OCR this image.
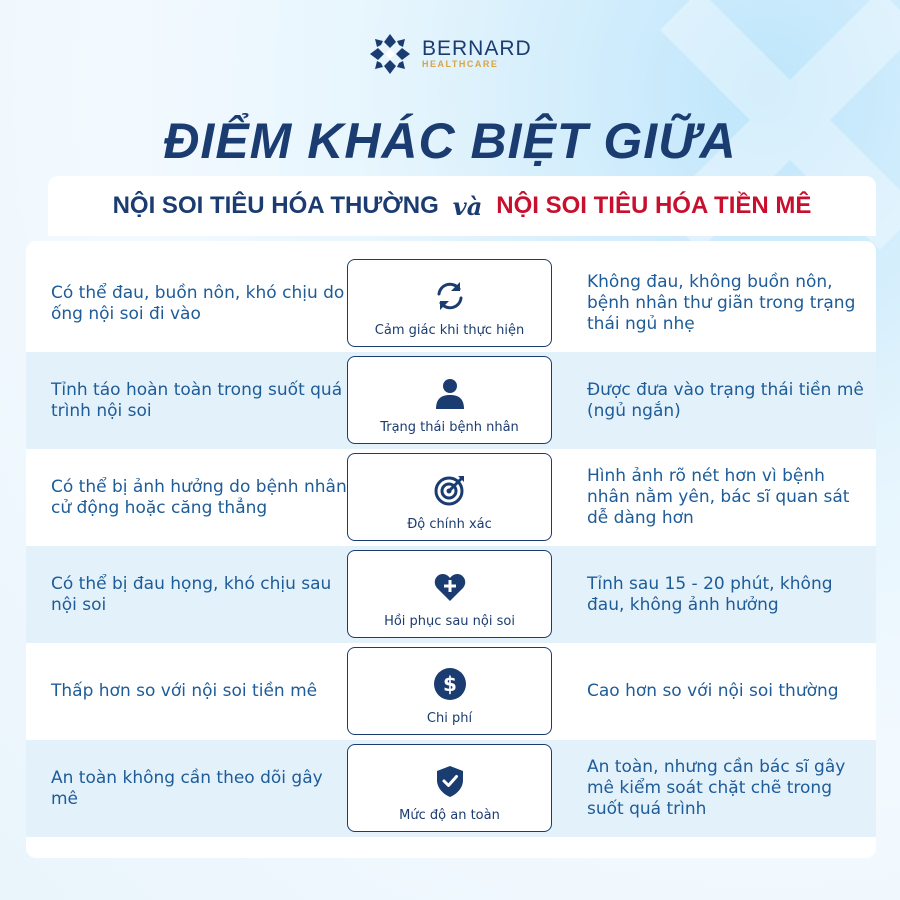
BERNARD
HEALTHCARE
ĐIỂM KHÁC BIỆT GIỮA
NỘI SOI TIÊU HÓA THƯỜNG và NỘI SOI TIÊU HÓA TIỀN MÊ
Có thể đau, buồn nôn, khó chịu do ống nội soi đi vào
Cảm giác khi thực hiện
Không đau, không buồn nôn, bệnh nhân thư giãn trong trạng thái ngủ nhẹ
Tỉnh táo hoàn toàn trong suốt quá trình nội soi
Trạng thái bệnh nhân
Được đưa vào trạng thái tiền mê (ngủ ngắn)
Có thể bị ảnh hưởng do bệnh nhân cử động hoặc căng thẳng
Độ chính xác
Hình ảnh rõ nét hơn vì bệnh nhân nằm yên, bác sĩ quan sát dễ dàng hơn
Có thể bị đau họng, khó chịu sau nội soi
Hồi phục sau nội soi
Tỉnh sau 15 - 20 phút, không đau, không ảnh hưởng
Thấp hơn so với nội soi tiền mê	$
Chi phí
Cao hơn so với nội soi thường
An toàn không cần theo dõi gây mê
Mức độ an toàn
An toàn, nhưng cần bác sĩ gây mê kiểm soát chặt chẽ trong suốt quá trình
